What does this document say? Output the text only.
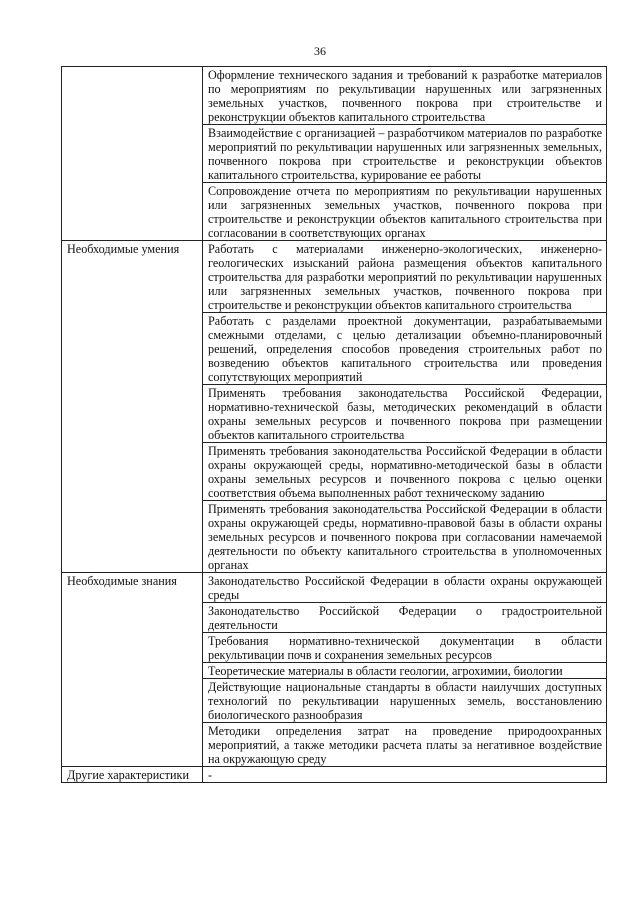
36
	Оформление технического задания и требований к разработке материалов по мероприятиям по рекультивации нарушенных или загрязненных земельных участков, почвенного покрова при строительстве и реконструкции объектов капитального строительства
	Взаимодействие с организацией – разработчиком материалов по разработке мероприятий по рекультивации нарушенных или загрязненных земельных, почвенного покрова при строительстве и реконструкции объектов капитального строительства, курирование ее работы
	Сопровождение отчета по мероприятиям по рекультивации нарушенных или загрязненных земельных участков, почвенного покрова при строительстве и реконструкции объектов капитального строительства при согласовании в соответствующих органах
Необходимые умения	Работать с материалами инженерно-экологических, инженерно-геологических изысканий района размещения объектов капитального строительства для разработки мероприятий по рекультивации нарушенных или загрязненных земельных участков, почвенного покрова при строительстве и реконструкции объектов капитального строительства
	Работать с разделами проектной документации, разрабатываемыми смежными отделами, с целью детализации объемно-планировочный решений, определения способов проведения строительных работ по возведению объектов капитального строительства или проведения сопутствующих мероприятий
	Применять требования законодательства Российской Федерации, нормативно-технической базы, методических рекомендаций в области охраны земельных ресурсов и почвенного покрова при размещении объектов капитального строительства
	Применять требования законодательства Российской Федерации в области охраны окружающей среды, нормативно-методической базы в области охраны земельных ресурсов и почвенного покрова с целью оценки соответствия объема выполненных работ техническому заданию
	Применять требования законодательства Российской Федерации в области охраны окружающей среды, нормативно-правовой базы в области охраны земельных ресурсов и почвенного покрова при согласовании намечаемой деятельности по объекту капитального строительства в уполномоченных органах
Необходимые знания	Законодательство Российской Федерации в области охраны окружающей среды
	Законодательство Российской Федерации о градостроительной деятельности
	Требования нормативно-технической документации в области рекультивации почв и сохранения земельных ресурсов
	Теоретические материалы в области геологии, агрохимии, биологии
	Действующие национальные стандарты в области наилучших доступных технологий по рекультивации нарушенных земель, восстановлению биологического разнообразия
	Методики определения затрат на проведение природоохранных мероприятий, а также методики расчета платы за негативное воздействие на окружающую среду
Другие характеристики	-
